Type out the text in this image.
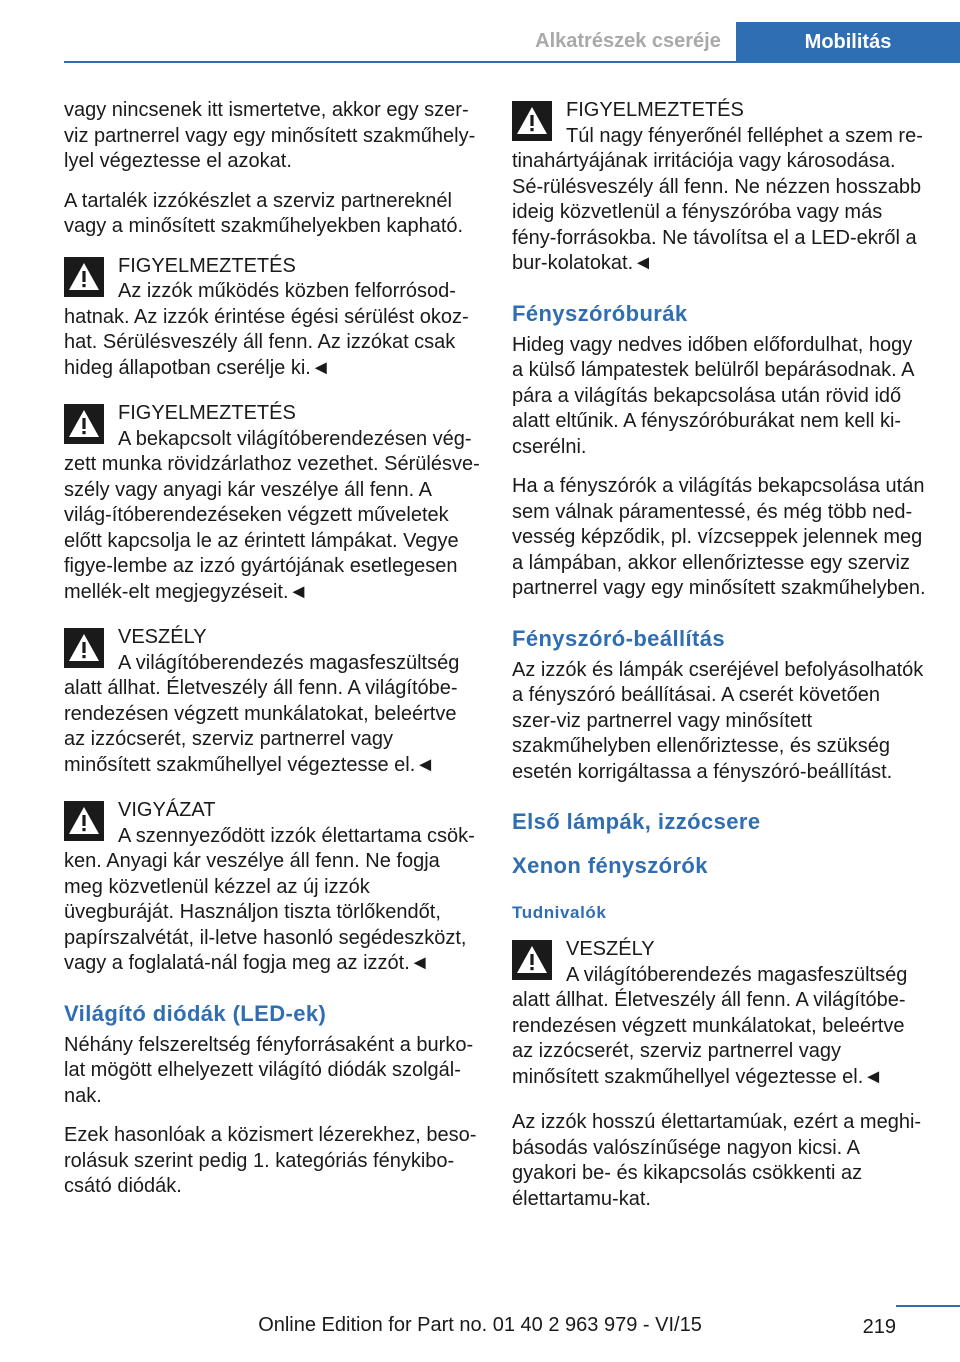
Alkatrészek cseréje	Mobilitás

vagy nincsenek itt ismertetve, akkor egy szer-viz partnerrel vagy egy minősített szakműhely-lyel végeztesse el azokat.

A tartalék izzókészlet a szerviz partnereknél vagy a minősített szakműhelyekben kapható.

FIGYELMEZTETÉS

Az izzók működés közben felforrósod-hatnak. Az izzók érintése égési sérülést okoz-hat. Sérülésveszély áll fenn. Az izzókat csak hideg állapotban cserélje ki.◄

FIGYELMEZTETÉS

A bekapcsolt világítóberendezésen vég-zett munka rövidzárlathoz vezethet. Sérülésve-szély vagy anyagi kár veszélye áll fenn. A világ-ítóberendezéseken végzett műveletek előtt kapcsolja le az érintett lámpákat. Vegye figye-lembe az izzó gyártójának esetlegesen mellék-elt megjegyzéseit.◄

VESZÉLY

A világítóberendezés magasfeszültség alatt állhat. Életveszély áll fenn. A világítóbe-rendezésen végzett munkálatokat, beleértve az izzócserét, szerviz partnerrel vagy minősített szakműhellyel végeztesse el.◄

VIGYÁZAT

A szennyeződött izzók élettartama csök-ken. Anyagi kár veszélye áll fenn. Ne fogja meg közvetlenül kézzel az új izzók üvegburáját. Használjon tiszta törlőkendőt, papírszalvétát, il-letve hasonló segédeszközt, vagy a foglalatá-nál fogja meg az izzót.◄

Világító diódák (LED-ek)

Néhány felszereltség fényforrásaként a burko-lat mögött elhelyezett világító diódák szolgál-nak.

Ezek hasonlóak a közismert lézerekhez, beso-rolásuk szerint pedig 1. kategóriás fénykibo-csátó diódák.

FIGYELMEZTETÉS

Túl nagy fényerőnél felléphet a szem re-tinahártyájának irritációja vagy károsodása. Sé-rülésveszély áll fenn. Ne nézzen hosszabb ideig közvetlenül a fényszóróba vagy más fény-forrásokba. Ne távolítsa el a LED-ekről a bur-kolatokat.◄

Fényszóróburák

Hideg vagy nedves időben előfordulhat, hogy a külső lámpatestek belülről bepárásodnak. A pára a világítás bekapcsolása után rövid idő alatt eltűnik. A fényszóróburákat nem kell ki-cserélni.

Ha a fényszórók a világítás bekapcsolása után sem válnak páramentessé, és még több ned-vesség képződik, pl. vízcseppek jelennek meg a lámpában, akkor ellenőriztesse egy szerviz partnerrel vagy egy minősített szakműhelyben.

Fényszóró-beállítás

Az izzók és lámpák cseréjével befolyásolhatók a fényszóró beállításai. A cserét követően szer-viz partnerrel vagy minősített szakműhelyben ellenőriztesse, és szükség esetén korrigáltassa a fényszóró-beállítást.

Első lámpák, izzócsere
Xenon fényszórók
Tudnivalók
VESZÉLY

A világítóberendezés magasfeszültség alatt állhat. Életveszély áll fenn. A világítóbe-rendezésen végzett munkálatokat, beleértve az izzócserét, szerviz partnerrel vagy minősített szakműhellyel végeztesse el.◄

Az izzók hosszú élettartamúak, ezért a meghi-básodás valószínűsége nagyon kicsi. A gyakori be- és kikapcsolás csökkenti az élettartamu-kat.

Online Edition for Part no. 01 40 2 963 979 - VI/15	219
